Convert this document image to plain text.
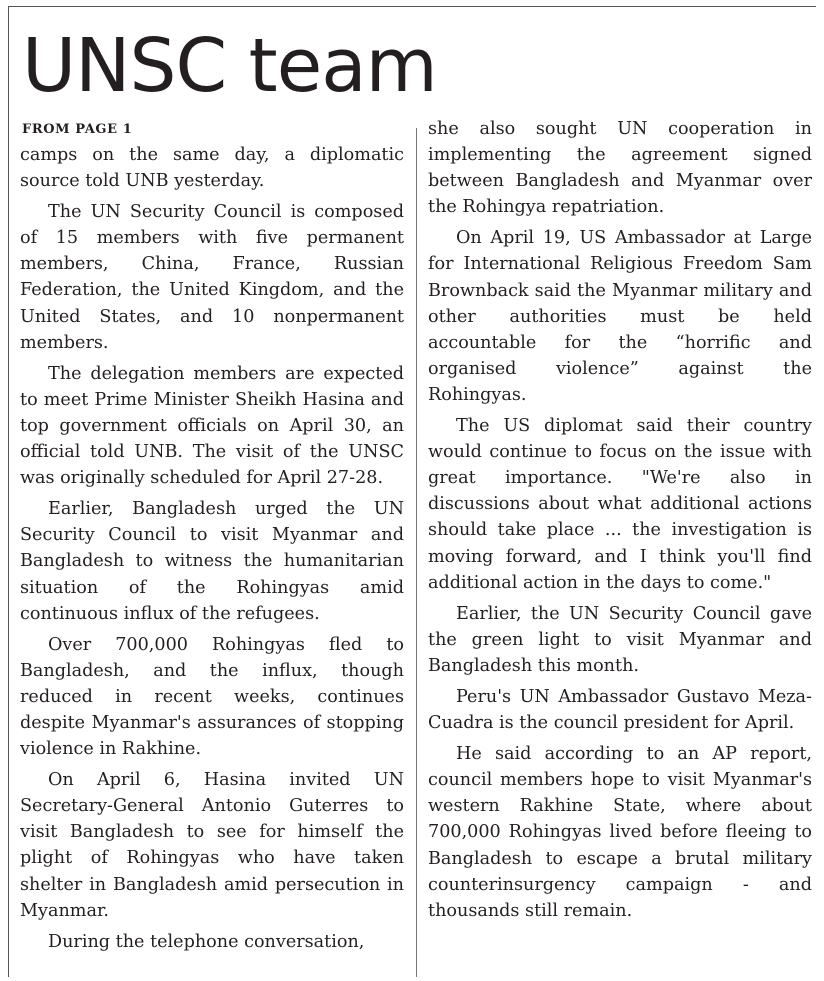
UNSC team
FROM PAGE 1

camps on the same day, a diplomatic source told UNB yesterday.

The UN Security Council is composed of 15 members with five permanent members, China, France, Russian Federation, the United Kingdom, and the United States, and 10 nonpermanent members.

The delegation members are expected to meet Prime Minister Sheikh Hasina and top government officials on April 30, an official told UNB. The visit of the UNSC was originally scheduled for April 27-28.

Earlier, Bangladesh urged the UN Security Council to visit Myanmar and Bangladesh to witness the humanitarian situation of the Rohingyas amid continuous influx of the refugees.

Over 700,000 Rohingyas fled to Bangladesh, and the influx, though reduced in recent weeks, continues despite Myanmar's assurances of stopping violence in Rakhine.

On April 6, Hasina invited UN Secretary-General Antonio Guterres to visit Bangladesh to see for himself the plight of Rohingyas who have taken shelter in Bangladesh amid persecution in Myanmar.

During the telephone conversation,

she also sought UN cooperation in implementing the agreement signed between Bangladesh and Myanmar over the Rohingya repatriation.

On April 19, US Ambassador at Large for International Religious Freedom Sam Brownback said the Myanmar military and other authorities must be held accountable for the “horrific and organised violence” against the Rohingyas.

The US diplomat said their country would continue to focus on the issue with great importance. "We're also in discussions about what additional actions should take place ... the investigation is moving forward, and I think you'll find additional action in the days to come."

Earlier, the UN Security Council gave the green light to visit Myanmar and Bangladesh this month.

Peru's UN Ambassador Gustavo Meza-Cuadra is the council president for April.

He said according to an AP report, council members hope to visit Myanmar's western Rakhine State, where about 700,000 Rohingyas lived before fleeing to Bangladesh to escape a brutal military counterinsurgency campaign - and thousands still remain.
